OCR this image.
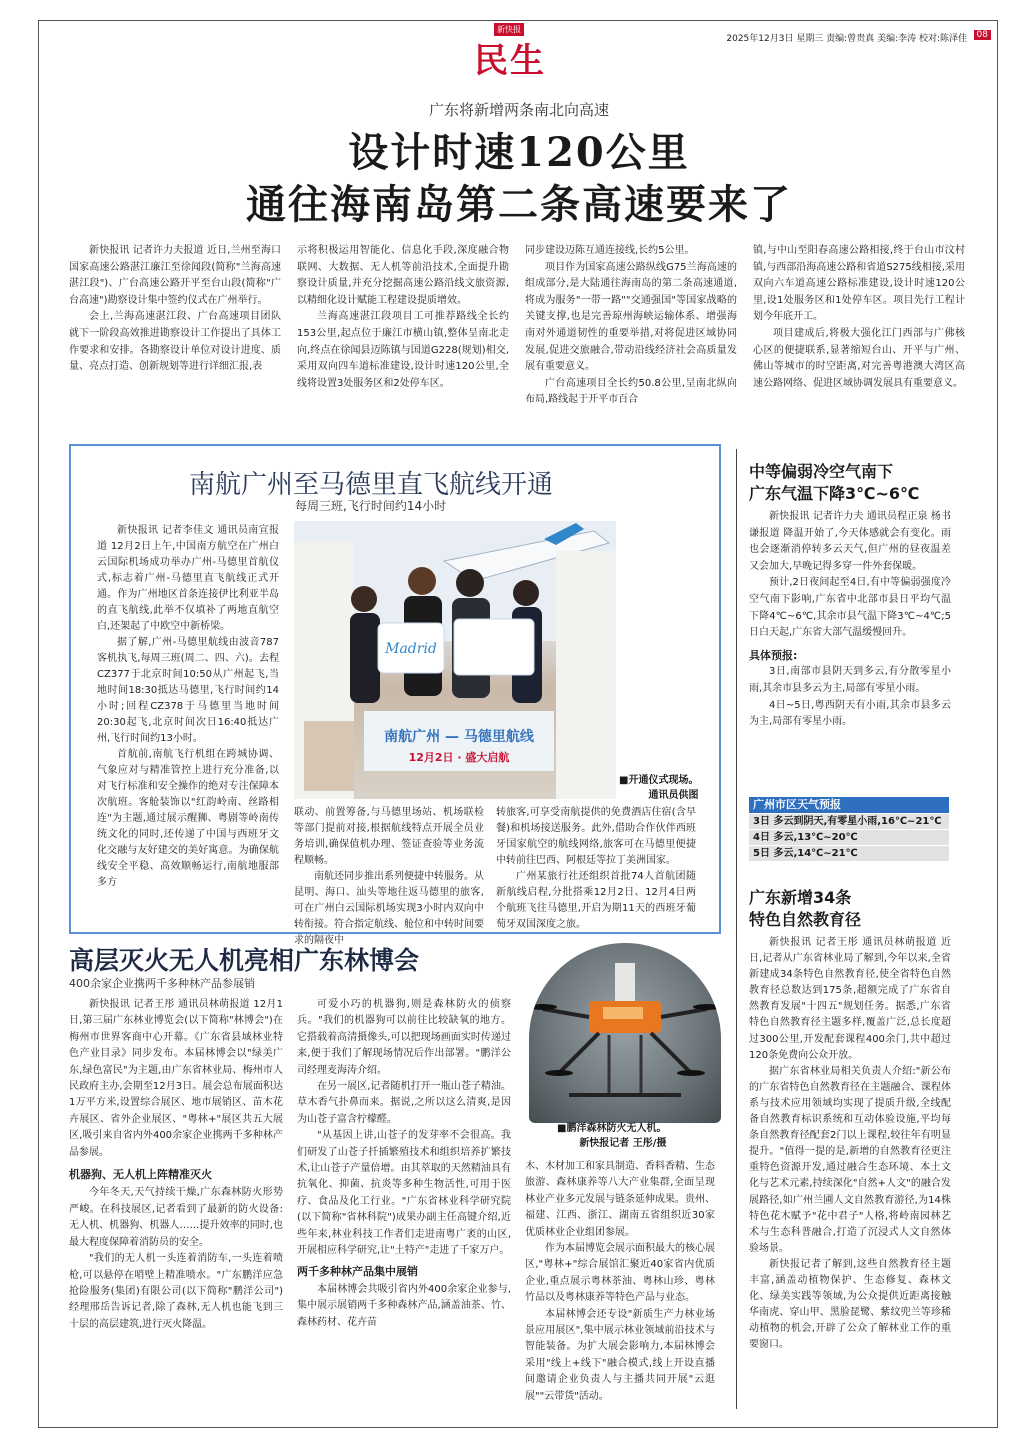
新快报
民生
2025年12月3日 星期三 责编:曾贵真 美编:李涛 校对:陈泽佳	08
广东将新增两条南北向高速
设计时速120公里
通往海南岛第二条高速要来了

新快报讯 记者许力夫报道 近日,兰州至海口国家高速公路湛江廉江至徐闻段(简称"兰海高速湛江段")、广台高速公路开平至台山段(简称"广台高速")勘察设计集中签约仪式在广州举行。

会上,兰海高速湛江段、广台高速项目团队就下一阶段高效推进勘察设计工作提出了具体工作要求和安排。各勘察设计单位对设计进度、质量、亮点打造、创新规划等进行详细汇报,表

示将积极运用智能化、信息化手段,深度融合物联网、大数据、无人机等前沿技术,全面提升勘察设计质量,并充分挖掘高速公路沿线文旅资源,以精细化设计赋能工程建设提质增效。

兰海高速湛江段项目工可推荐路线全长约153公里,起点位于廉江市横山镇,整体呈南北走向,终点在徐闻县迈陈镇与国道G228(规划)相交,采用双向四车道标准建设,设计时速120公里,全线将设置3处服务区和2处停车区。

同步建设迈陈互通连接线,长约5公里。

项目作为国家高速公路纵线G75兰海高速的组成部分,是大陆通往海南岛的第二条高速通道,将成为服务"一带一路""交通强国"等国家战略的关键支撑,也是完善琼州海峡运输体系、增强海南对外通道韧性的重要举措,对将促进区域协同发展,促进交旅融合,带动沿线经济社会高质量发展有重要意义。

广台高速项目全长约50.8公里,呈南北纵向布局,路线起于开平市百合

镇,与中山至阳春高速公路相接,终于台山市汶村镇,与西部沿海高速公路和省道S275线相接,采用双向六车道高速公路标准建设,设计时速120公里,设1处服务区和1处停车区。项目先行工程计划今年底开工。

项目建成后,将极大强化江门西部与广佛核心区的便捷联系,显著缩短台山、开平与广州、佛山等城市的时空距离,对完善粤港澳大湾区高速公路网络、促进区域协调发展具有重要意义。

南航广州至马德里直飞航线开通
每周三班,飞行时间约14小时

新快报讯 记者李佳文 通讯员南宣报道 12月2日上午,中国南方航空在广州白云国际机场成功举办广州-马德里首航仪式,标志着广州-马德里直飞航线正式开通。作为广州地区首条连接伊比利亚半岛的直飞航线,此举不仅填补了两地直航空白,还架起了中欧空中新桥梁。

据了解,广州-马德里航线由波音787客机执飞,每周三班(周二、四、六)。去程CZ377于北京时间10:50从广州起飞,当地时间18:30抵达马德里,飞行时间约14小时;回程CZ378于马德里当地时间20:30起飞,北京时间次日16:40抵达广州,飞行时间约13小时。

首航前,南航飞行机组在跨城协调、气象应对与精准管控上进行充分准备,以对飞行标准和安全操作的绝对专注保障本次航班。客舱装饰以"红韵岭南、丝路相连"为主题,通过展示醒狮、粤剧等岭南传统文化的同时,还传递了中国与西班牙文化交融与友好建交的美好寓意。为确保航线安全平稳、高效顺畅运行,南航地服部多方

Madrid
南航广州 — 马德里航线
12月2日 · 盛大启航
■开通仪式现场。
通讯员供图

联动、前置筹备,与马德里场站、机场联检等部门提前对接,根据航线特点开展全员业务培训,确保值机办理、签证查验等业务流程顺畅。

南航还同步推出系列便捷中转服务。从昆明、海口、汕头等地往返马德里的旅客,可在广州白云国际机场实现3小时内双向中转衔接。符合指定航线、舱位和中转时间要求的隔夜中

转旅客,可享受南航提供的免费酒店住宿(含早餐)和机场接送服务。此外,借助合作伙伴西班牙国家航空的航线网络,旅客可在马德里便捷中转前往巴西、阿根廷等拉丁美洲国家。

广州某旅行社还组织首批74人首航团随新航线启程,分批搭乘12月2日、12月4日两个航班飞往马德里,开启为期11天的西班牙葡萄牙双国深度之旅。

中等偏弱冷空气南下
广东气温下降3℃~6℃

新快报讯 记者许力夫 通讯员程正泉 杨书谦报道 降温开始了,今天体感就会有变化。雨也会逐渐消停转多云天气,但广州的昼夜温差又会加大,早晚记得多穿一件外套保暖。

预计,2日夜间起至4日,有中等偏弱强度冷空气南下影响,广东省中北部市县日平均气温下降4℃~6℃,其余市县气温下降3℃~4℃;5日白天起,广东省大部气温缓慢回升。

具体预报:

3日,南部市县阴天到多云,有分散零星小雨,其余市县多云为主,局部有零星小雨。

4日~5日,粤西阴天有小雨,其余市县多云为主,局部有零星小雨。

广州市区天气预报
3日 多云到阴天,有零星小雨,16℃~21℃
4日 多云,13℃~20℃
5日 多云,14℃~21℃
高层灭火无人机亮相广东林博会
400余家企业携两千多种林产品参展销

新快报讯 记者王彤 通讯员林萌报道 12月1日,第三届广东林业博览会(以下简称"林博会")在梅州市世界客商中心开幕。《广东省县域林业特色产业目录》同步发布。本届林博会以"绿美广东,绿色富民"为主题,由广东省林业局、梅州市人民政府主办,会期至12月3日。展会总布展面积达1万平方米,设置综合展区、地市展销区、苗木花卉展区、省外企业展区、"粤林+"展区共五大展区,吸引来自省内外400余家企业携两千多种林产品参展。

机器狗、无人机上阵精准灭火

今年冬天,天气持续干燥,广东森林防火形势严峻。在科技展区,记者看到了最新的防火设备:无人机、机器狗、机器人……提升效率的同时,也最大程度保障着消防员的安全。

"我们的无人机一头连着消防车,一头连着喷枪,可以悬停在哨壁上精准喷水。"广东鹏洋应急抢险服务(集团)有限公司(以下简称"鹏洋公司")经理邢岳告诉记者,除了森林,无人机也能飞到三十层的高层建筑,进行灭火降温。

可爱小巧的机器狗,则是森林防火的侦察兵。"我们的机器狗可以前往比较缺氧的地方。它搭载着高清摄像头,可以把现场画面实时传递过来,便于我们了解现场情况后作出部署。"鹏洋公司经理麦海涛介绍。

在另一展区,记者随机打开一瓶山苍子精油。草木香气扑鼻而来。据说,之所以这么清爽,是因为山苍子富含柠檬醛。

"从基因上讲,山苍子的发芽率不会很高。我们研发了山苍子扦插繁殖技术和组织培养扩繁技术,让山苍子产量倍增。由其萃取的天然精油具有抗氧化、抑菌、抗炎等多种生物活性,可用于医疗、食品及化工行业。"广东省林业科学研究院(以下简称"省林科院")成果办副主任高键介绍,近些年来,林业科技工作者们走进南粤广袤的山区,开展相应科学研究,让"土特产"走进了千家万户。

两千多种林产品集中展销

本届林博会共吸引省内外400余家企业参与,集中展示展销两千多种森林产品,涵盖油茶、竹、森林药材、花卉苗

■鹏洋森林防火无人机。
新快报记者 王彤/摄

木、木材加工和家具制造、香料香精、生态旅游、森林康养等八大产业集群,全面呈现林业产业多元发展与链条延伸成果。贵州、福建、江西、浙江、湖南五省组织近30家优质林业企业组团参展。

作为本届博览会展示面积最大的核心展区,"粤林+"综合展馆汇聚近40家省内优质企业,重点展示粤林茶油、粤林山珍、粤林竹品以及粤林康养等特色产品与业态。

本届林博会还专设"新质生产力林业场景应用展区",集中展示林业领域前沿技术与智能装备。为扩大展会影响力,本届林博会采用"线上+线下"融合模式,线上开设直播间邀请企业负责人与主播共同开展"云逛展""云带货"活动。

广东新增34条
特色自然教育径

新快报讯 记者王彤 通讯员林萌报道 近日,记者从广东省林业局了解到,今年以来,全省新建成34条特色自然教育径,使全省特色自然教育径总数达到175条,超额完成了广东省自然教育发展"十四五"规划任务。据悉,广东省特色自然教育径主题多样,覆盖广泛,总长度超过300公里,开发配套课程400余门,共中超过120条免费向公众开放。

据广东省林业局相关负责人介绍:"新公布的广东省特色自然教育径在主题融合、课程体系与技术应用领域均实现了提质升级,全线配备自然教育标识系统和互动体验设施,平均每条自然教育径配套2门以上课程,较往年有明显提升。"值得一提的是,新增的自然教育径更注重特色资源开发,通过融合生态环境、本土文化与艺术元素,持续深化"自然+人文"的融合发展路径,如广州兰圃人文自然教育游径,为14株特色花木赋予"花中君子"人格,将岭南园林艺术与生态科普融合,打造了沉浸式人文自然体验场景。

新快报记者了解到,这些自然教育径主题丰富,涵盖动植物保护、生态修复、森林文化、绿美实践等领域,为公众提供近距离接触华南虎、穿山甲、黑脸琵鹭、紫纹兜兰等珍稀动植物的机会,开辟了公众了解林业工作的重要窗口。
